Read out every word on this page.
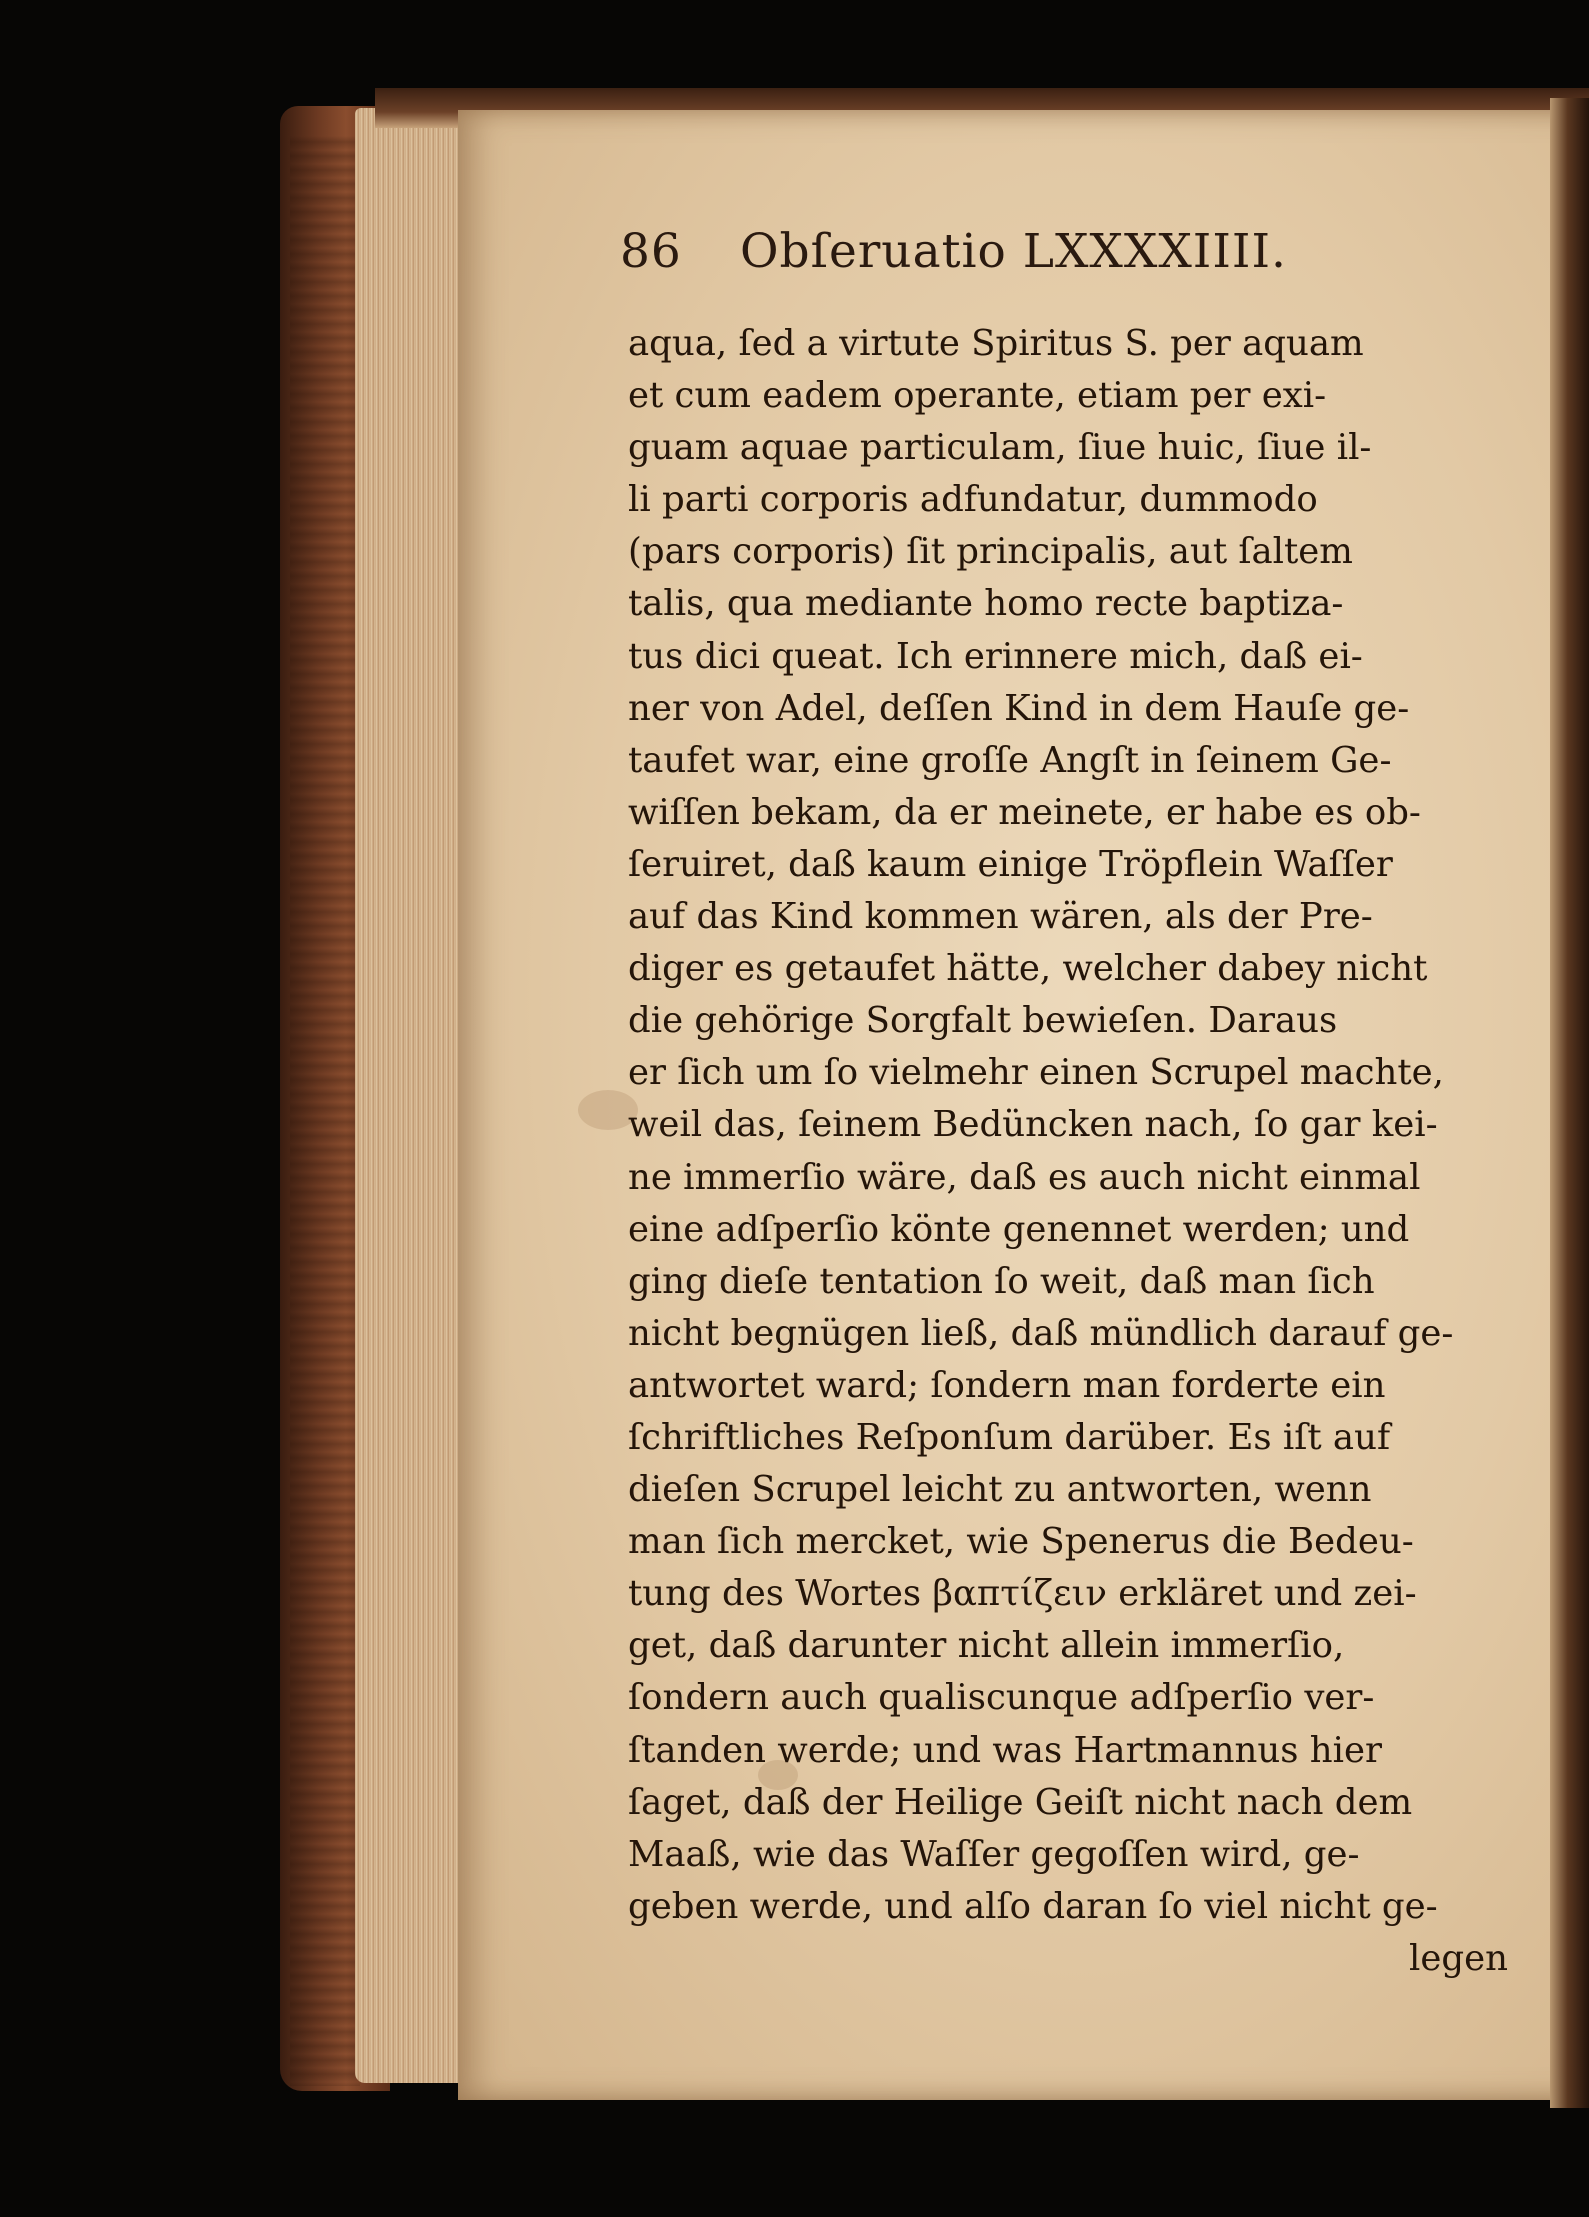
86 Obſeruatio LXXXXIIII.
aqua, ſed a virtute Spiritus S. per aquam
et cum eadem operante, etiam per exi-
guam aquae particulam, ſiue huic, ſiue il-
li parti corporis adfundatur, dummodo
(pars corporis) ſit principalis, aut ſaltem
talis, qua mediante homo recte baptiza-
tus dici queat. Ich erinnere mich, daß ei-
ner von Adel, deſſen Kind in dem Hauſe ge-
taufet war, eine groſſe Angſt in ſeinem Ge-
wiſſen bekam, da er meinete, er habe es ob-
ſeruiret, daß kaum einige Tröpflein Waſſer
auf das Kind kommen wären, als der Pre-
diger es getaufet hätte, welcher dabey nicht
die gehörige Sorgfalt bewieſen. Daraus
er ſich um ſo vielmehr einen Scrupel machte,
weil das, ſeinem Bedüncken nach, ſo gar kei-
ne immerſio wäre, daß es auch nicht einmal
eine adſperſio könte genennet werden; und
ging dieſe tentation ſo weit, daß man ſich
nicht begnügen ließ, daß mündlich darauf ge-
antwortet ward; ſondern man forderte ein
ſchriftliches Reſponſum darüber. Es iſt auf
dieſen Scrupel leicht zu antworten, wenn
man ſich mercket, wie Spenerus die Bedeu-
tung des Wortes βαπτίζειν erkläret und zei-
get, daß darunter nicht allein immerſio,
ſondern auch qualiscunque adſperſio ver-
ſtanden werde; und was Hartmannus hier
ſaget, daß der Heilige Geiſt nicht nach dem
Maaß, wie das Waſſer gegoſſen wird, ge-
geben werde, und alſo daran ſo viel nicht ge-
legen
